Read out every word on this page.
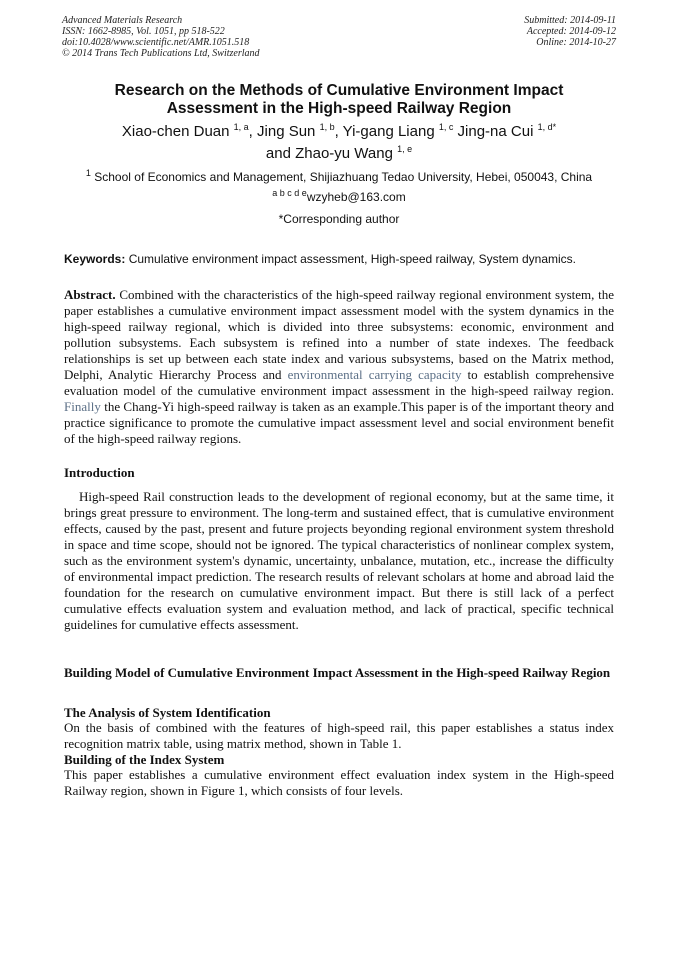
Advanced Materials Research
ISSN: 1662-8985, Vol. 1051, pp 518-522
doi:10.4028/www.scientific.net/AMR.1051.518
© 2014 Trans Tech Publications Ltd, Switzerland
Submitted: 2014-09-11
Accepted: 2014-09-12
Online: 2014-10-27
Research on the Methods of Cumulative Environment Impact
Assessment in the High-speed Railway Region
Xiao-chen Duan $^{1, a}$, Jing Sun $^{1, b}$, Yi-gang Liang $^{1, c}$ Jing-na Cui $^{1, d*}$
and Zhao-yu Wang $^{1, e}$
$^1$ School of Economics and Management, Shijiazhuang Tedao University, Hebei, 050043, China
$^{a b c d e}$wzyheb@163.com
*Corresponding author
Keywords: Cumulative environment impact assessment, High-speed railway, System dynamics.
Abstract. Combined with the characteristics of the high-speed railway regional environment system, the paper establishes a cumulative environment impact assessment model with the system dynamics in the high-speed railway regional, which is divided into three subsystems: economic, environment and pollution subsystems. Each subsystem is refined into a number of state indexes. The feedback relationships is set up between each state index and various subsystems, based on the Matrix method, Delphi, Analytic Hierarchy Process and environmental carrying capacity to establish comprehensive evaluation model of the cumulative environment impact assessment in the high-speed railway region. Finally the Chang-Yi high-speed railway is taken as an example.This paper is of the important theory and practice significance to promote the cumulative impact assessment level and social environment benefit of the high-speed railway regions.
Introduction
High-speed Rail construction leads to the development of regional economy, but at the same time, it brings great pressure to environment. The long-term and sustained effect, that is cumulative environment effects, caused by the past, present and future projects beyonding regional environment system threshold in space and time scope, should not be ignored. The typical characteristics of nonlinear complex system, such as the environment system's dynamic, uncertainty, unbalance, mutation, etc., increase the difficulty of environmental impact prediction. The research results of relevant scholars at home and abroad laid the foundation for the research on cumulative environment impact. But there is still lack of a perfect cumulative effects evaluation system and evaluation method, and lack of practical, specific technical guidelines for cumulative effects assessment.
Building Model of Cumulative Environment Impact Assessment in the High-speed Railway Region
The Analysis of System Identification
On the basis of combined with the features of high-speed rail, this paper establishes a status index recognition matrix table, using matrix method, shown in Table 1.
Building of the Index System
This paper establishes a cumulative environment effect evaluation index system in the High-speed Railway region, shown in Figure 1, which consists of four levels.
